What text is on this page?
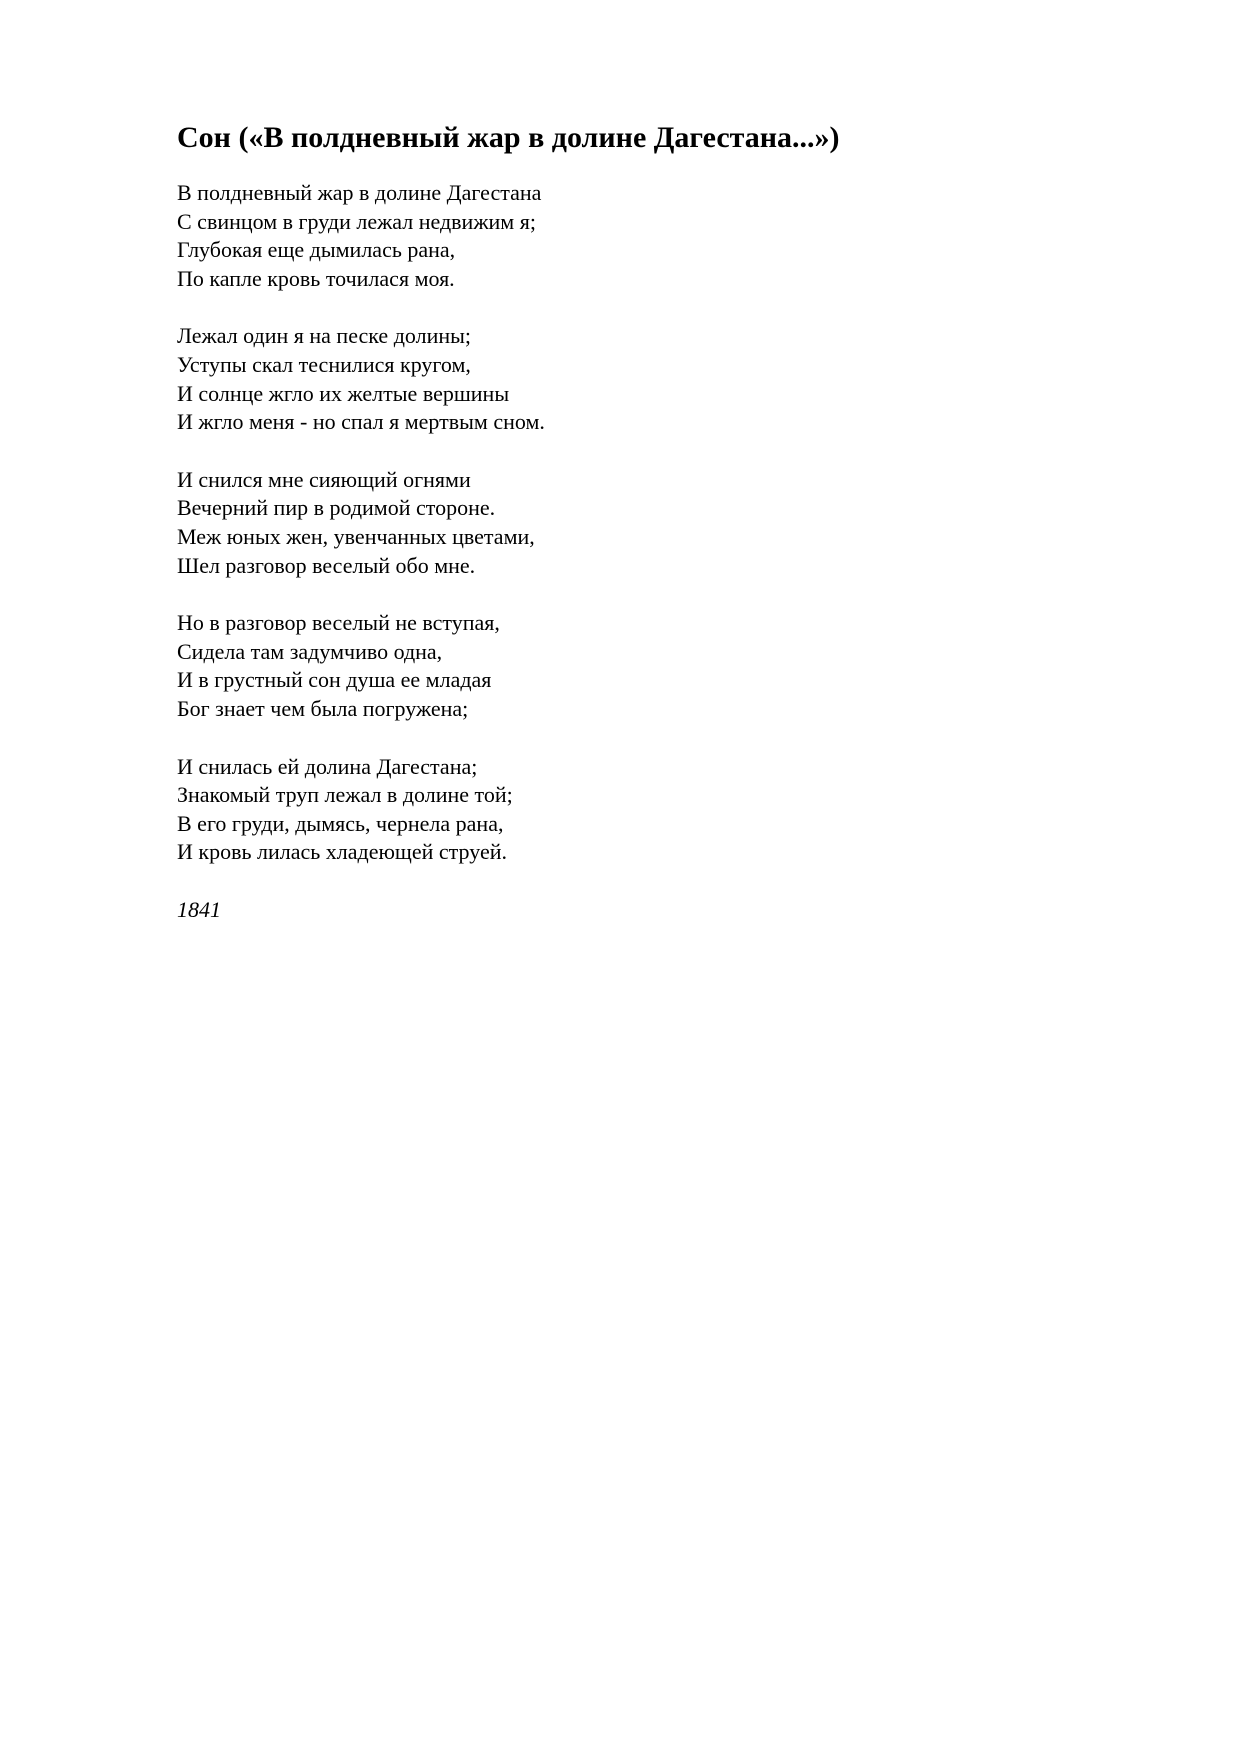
Сон («В полдневный жар в долине Дагестана...»)
В полдневный жар в долине Дагестана
С свинцом в груди лежал недвижим я;
Глубокая еще дымилась рана,
По капле кровь точилася моя.
Лежал один я на песке долины;
Уступы скал теснилися кругом,
И солнце жгло их желтые вершины
И жгло меня - но спал я мертвым сном.
И снился мне сияющий огнями
Вечерний пир в родимой стороне.
Меж юных жен, увенчанных цветами,
Шел разговор веселый обо мне.
Но в разговор веселый не вступая,
Сидела там задумчиво одна,
И в грустный сон душа ее младая
Бог знает чем была погружена;
И снилась ей долина Дагестана;
Знакомый труп лежал в долине той;
В его груди, дымясь, чернела рана,
И кровь лилась хладеющей струей.
1841
